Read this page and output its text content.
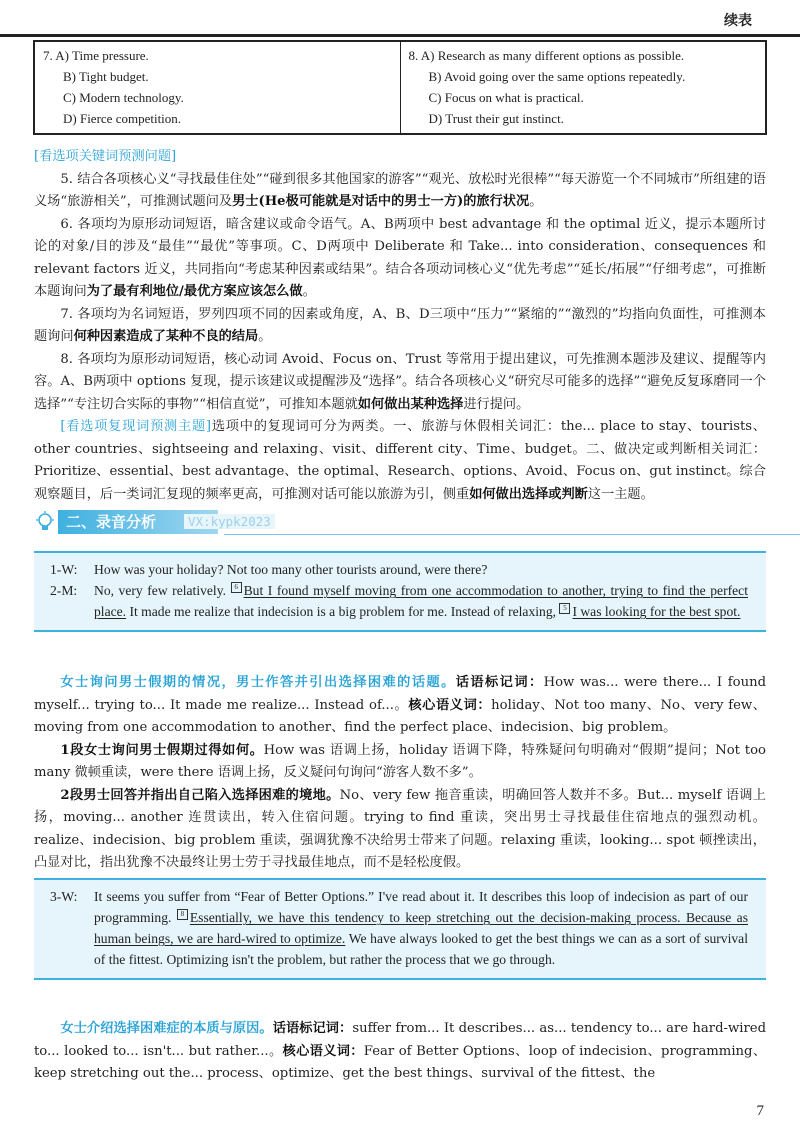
续表
7. A) Time pressure.
B) Tight budget.
C) Modern technology.
D) Fierce competition.

8. A) Research as many different options as possible.
B) Avoid going over the same options repeatedly.
C) Focus on what is practical.
D) Trust their gut instinct.

[看选项关键词预测问题]

5. 结合各项核心义“寻找最佳住处”“碰到很多其他国家的游客”“观光、放松时光很棒”“每天游览一个不同城市”所组建的语义场“旅游相关”，可推测试题问及男士(He极可能就是对话中的男士一方)的旅行状况。

6. 各项均为原形动词短语，暗含建议或命令语气。A、B两项中 best advantage 和 the optimal 近义，提示本题所讨论的对象/目的涉及“最佳”“最优”等事项。C、D两项中 Deliberate 和 Take... into consideration、consequences 和 relevant factors 近义，共同指向“考虑某种因素或结果”。结合各项动词核心义“优先考虑”“延长/拓展”“仔细考虑”，可推断本题询问为了最有利地位/最优方案应该怎么做。

7. 各项均为名词短语，罗列四项不同的因素或角度，A、B、D三项中“压力”“紧缩的”“激烈的”均指向负面性，可推测本题询问何种因素造成了某种不良的结局。

8. 各项均为原形动词短语，核心动词 Avoid、Focus on、Trust 等常用于提出建议，可先推测本题涉及建议、提醒等内容。A、B两项中 options 复现，提示该建议或提醒涉及“选择”。结合各项核心义“研究尽可能多的选择”“避免反复琢磨同一个选择”“专注切合实际的事物”“相信直觉”，可推知本题就如何做出某种选择进行提问。

[看选项复现词预测主题]选项中的复现词可分为两类。一、旅游与休假相关词汇：the... place to stay、tourists、other countries、sightseeing and relaxing、visit、different city、Time、budget。二、做决定或判断相关词汇：Prioritize、essential、best advantage、the optimal、Research、options、Avoid、Focus on、gut instinct。综合观察题目，后一类词汇复现的频率更高，可推测对话可能以旅游为引，侧重如何做出选择或判断这一主题。

二、录音分析	VX:kypk2023
1-W:	How was your holiday? Not too many other tourists around, were there?
2-M:	No, very few relatively. 6 But I found myself moving from one accommodation to another, trying to find the perfect place. It made me realize that indecision is a big problem for me. Instead of relaxing, 5 I was looking for the best spot.

女士询问男士假期的情况，男士作答并引出选择困难的话题。话语标记词：How was... were there... I found myself... trying to... It made me realize... Instead of...。核心语义词：holiday、Not too many、No、very few、moving from one accommodation to another、find the perfect place、indecision、big problem。

1段女士询问男士假期过得如何。How was 语调上扬，holiday 语调下降，特殊疑问句明确对“假期”提问；Not too many 微顿重读，were there 语调上扬，反义疑问句询问“游客人数不多”。

2段男士回答并指出自己陷入选择困难的境地。No、very few 拖音重读，明确回答人数并不多。But... myself 语调上扬，moving... another 连贯读出，转入住宿问题。trying to find 重读，突出男士寻找最佳住宿地点的强烈动机。realize、indecision、big problem 重读，强调犹豫不决给男士带来了问题。relaxing 重读，looking... spot 顿挫读出，凸显对比，指出犹豫不决最终让男士劳于寻找最佳地点，而不是轻松度假。

3-W:	It seems you suffer from “Fear of Better Options.” I've read about it. It describes this loop of indecision as part of our programming. 8 Essentially, we have this tendency to keep stretching out the decision-making process. Because as human beings, we are hard-wired to optimize. We have always looked to get the best things we can as a sort of survival of the fittest. Optimizing isn't the problem, but rather the process that we go through.

女士介绍选择困难症的本质与原因。话语标记词：suffer from... It describes... as... tendency to... are hard-wired to... looked to... isn't... but rather...。核心语义词：Fear of Better Options、loop of indecision、programming、keep stretching out the... process、optimize、get the best things、survival of the fittest、the

7
